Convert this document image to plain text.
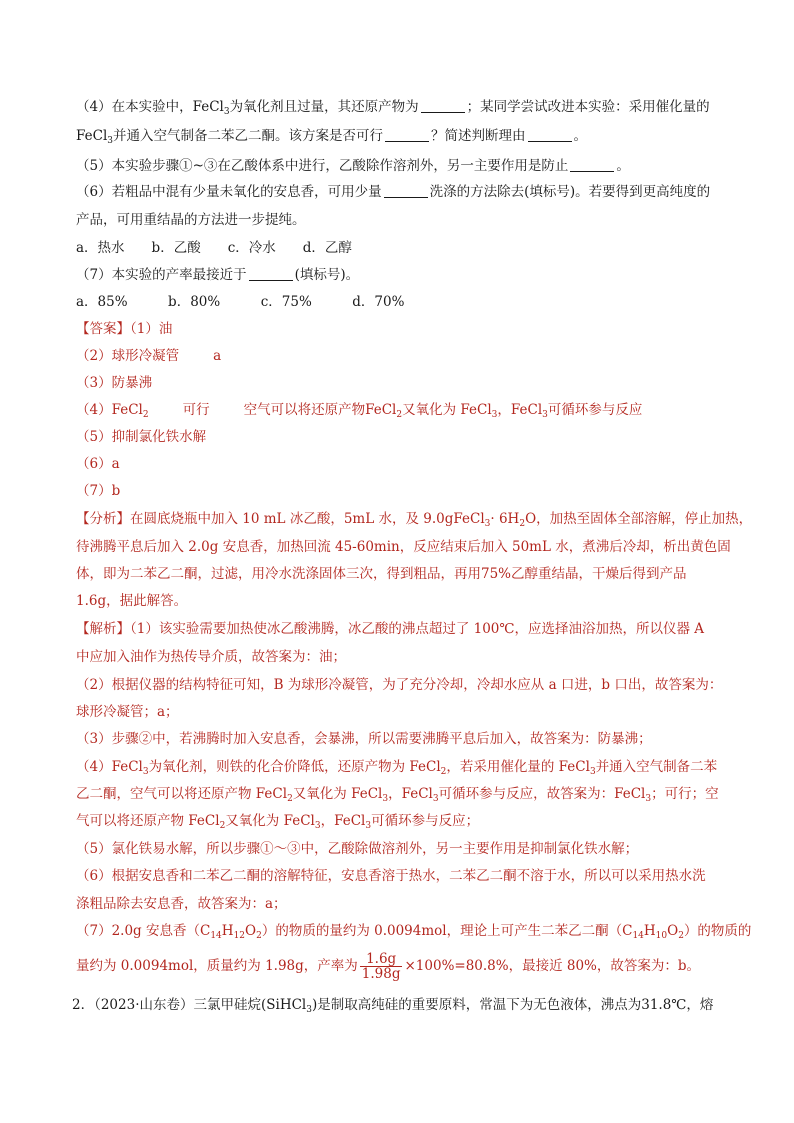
（4）在本实验中，FeCl$_3$为氧化剂且过量，其还原产物为	；某同学尝试改进本实验：采用催化量的
FeCl$_3$并通入空气制备二苯乙二酮。该方案是否可行	？简述判断理由	。
（5）本实验步骤①~③在乙酸体系中进行，乙酸除作溶剂外，另一主要作用是防止	。
（6）若粗品中混有少量未氧化的安息香，可用少量	洗涤的方法除去(填标号)。若要得到更高纯度的
产品，可用重结晶的方法进一步提纯。
a．热水　　b．乙酸　　c．冷水　　d．乙醇
（7）本实验的产率最接近于	(填标号)。
a．85%　　　b．80%　　　c．75%　　　d．70%
【答案】（1）油
（2）球形冷凝管	a
（3）防暴沸
（4）FeCl$_2$	可行	空气可以将还原产物FeCl$_2$又氧化为 FeCl$_3$，FeCl$_3$可循环参与反应
（5）抑制氯化铁水解
（6）a
（7）b
【分析】在圆底烧瓶中加入 10 mL 冰乙酸，5mL 水，及 9.0gFeCl$_3$· $6H_2O$，加热至固体全部溶解，停止加热，
待沸腾平息后加入 2.0g 安息香，加热回流 45-60min，反应结束后加入 50mL 水，煮沸后冷却，析出黄色固
体，即为二苯乙二酮，过滤，用冷水洗涤固体三次，得到粗品，再用75%乙醇重结晶，干燥后得到产品
1.6g，据此解答。
【解析】（1）该实验需要加热使冰乙酸沸腾，冰乙酸的沸点超过了 100℃，应选择油浴加热，所以仪器 A
中应加入油作为热传导介质，故答案为：油；
（2）根据仪器的结构特征可知，B 为球形冷凝管，为了充分冷却，冷却水应从 a 口进，b 口出，故答案为：
球形冷凝管；a；
（3）步骤②中，若沸腾时加入安息香，会暴沸，所以需要沸腾平息后加入，故答案为：防暴沸；
（4）FeCl$_3$为氧化剂，则铁的化合价降低，还原产物为 FeCl$_2$，若采用催化量的 FeCl$_3$并通入空气制备二苯
乙二酮，空气可以将还原产物 FeCl$_2$又氧化为 FeCl$_3$，FeCl$_3$可循环参与反应，故答案为：FeCl$_3$；可行；空
气可以将还原产物 FeCl$_2$又氧化为 FeCl$_3$，FeCl$_3$可循环参与反应；
（5）氯化铁易水解，所以步骤①～③中，乙酸除做溶剂外，另一主要作用是抑制氯化铁水解；
（6）根据安息香和二苯乙二酮的溶解特征，安息香溶于热水，二苯乙二酮不溶于水，所以可以采用热水洗
涤粗品除去安息香，故答案为：a；
（7）2.0g 安息香$(C_{14}H_{12}O_2)$的物质的量约为 0.0094mol，理论上可产生二苯乙二酮$(C_{14}H_{10}O_2)$的物质的
量约为 0.0094mol，质量约为 1.98g，产率为 $\frac{1.6g}{1.98g} \times 100\%=80.8\%$，最接近 80%，故答案为：b。
2．（2023·山东卷）三氯甲硅烷(SiHCl$_3$)是制取高纯硅的重要原料，常温下为无色液体，沸点为31.8℃，熔
